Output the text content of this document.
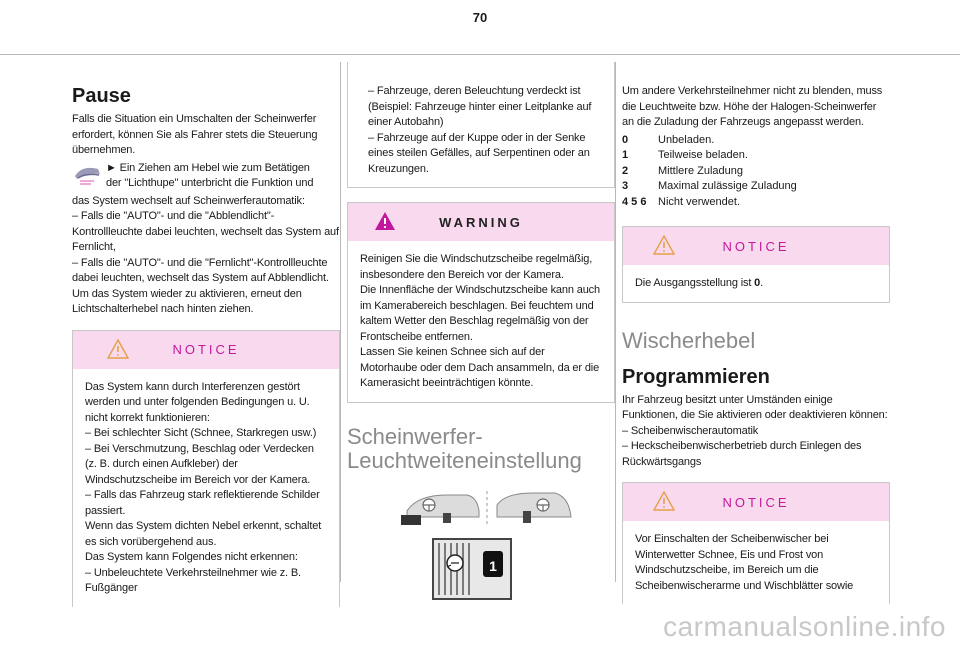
70
Pause
Falls die Situation ein Umschalten der Scheinwerfer erfordert, können Sie als Fahrer stets die Steuerung übernehmen.
► Ein Ziehen am Hebel wie zum Betätigen
der "Lichthupe" unterbricht die Funktion und
das System wechselt auf Scheinwerferautomatik:
– Falls die "AUTO"- und die "Abblendlicht"-Kontrollleuchte dabei leuchten, wechselt das System auf Fernlicht,
– Falls die "AUTO"- und die "Fernlicht"-Kontrollleuchte dabei leuchten, wechselt das System auf Abblendlicht.
Um das System wieder zu aktivieren, erneut den Lichtschalterhebel nach hinten ziehen.
NOTICE
Das System kann durch Interferenzen gestört werden und unter folgenden Bedingungen u. U. nicht korrekt funktionieren:
– Bei schlechter Sicht (Schnee, Starkregen usw.)
– Bei Verschmutzung, Beschlag oder Verdecken (z. B. durch einen Aufkleber) der Windschutzscheibe im Bereich vor der Kamera.
– Falls das Fahrzeug stark reflektierende Schilder passiert.
Wenn das System dichten Nebel erkennt, schaltet es sich vorübergehend aus.
Das System kann Folgendes nicht erkennen:
– Unbeleuchtete Verkehrsteilnehmer wie z. B. Fußgänger
– Fahrzeuge, deren Beleuchtung verdeckt ist (Beispiel: Fahrzeuge hinter einer Leitplanke auf einer Autobahn)
– Fahrzeuge auf der Kuppe oder in der Senke eines steilen Gefälles, auf Serpentinen oder an Kreuzungen.
WARNING
Reinigen Sie die Windschutzscheibe regelmäßig, insbesondere den Bereich vor der Kamera.
Die Innenfläche der Windschutzscheibe kann auch im Kamerabereich beschlagen. Bei feuchtem und kaltem Wetter den Beschlag regelmäßig von der Frontscheibe entfernen.
Lassen Sie keinen Schnee sich auf der Motorhaube oder dem Dach ansammeln, da er die Kamerasicht beeinträchtigen könnte.
Scheinwerfer-
Leuchtweiteneinstellung
1
Um andere Verkehrsteilnehmer nicht zu blenden, muss die Leuchtweite bzw. Höhe der Halogen-Scheinwerfer an die Zuladung der Fahrzeugs angepasst werden.
0	Unbeladen.
1	Teilweise beladen.
2	Mittlere Zuladung
3	Maximal zulässige Zuladung
4 5 6	Nicht verwendet.
NOTICE
Die Ausgangsstellung ist 0.
Wischerhebel
Programmieren
Ihr Fahrzeug besitzt unter Umständen einige Funktionen, die Sie aktivieren oder deaktivieren können:
– Scheibenwischerautomatik
– Heckscheibenwischerbetrieb durch Einlegen des Rückwärtsgangs
NOTICE
Vor Einschalten der Scheibenwischer bei Winterwetter Schnee, Eis und Frost von Windschutzscheibe, im Bereich um die Scheibenwischerarme und Wischblätter sowie
carmanualsonline.info
